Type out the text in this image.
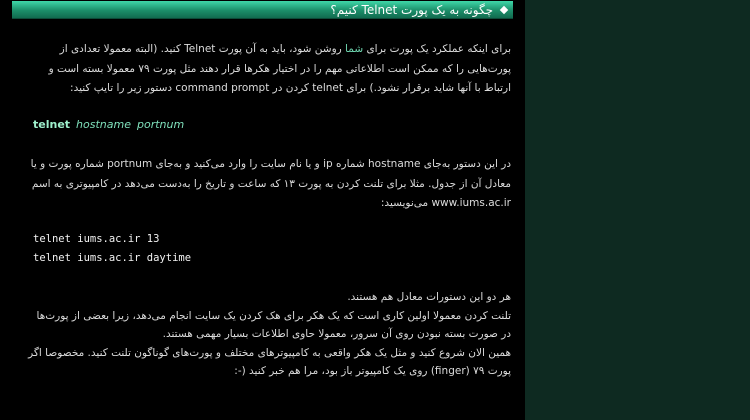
چگونه به یک پورت Telnet کنیم؟

برای اینکه عملکرد یک پورت برای شما روشن شود، باید به آن پورت Telnet کنید. (البته معمولا تعدادی از پورت‌هایی را که ممکن است اطلاعاتی مهم را در اختیار هکرها قرار دهند مثل پورت ۷۹ معمولا بسته است و ارتباط با آنها شاید برقرار نشود.) برای telnet کردن در command prompt دستور زیر را تایپ کنید:

telnet hostname portnum

در این دستور به‌جای hostname شماره ip و یا نام سایت را وارد می‌کنید و به‌جای portnum شماره پورت و یا معادل آن از جدول. مثلا برای تلنت کردن به پورت ۱۳ که ساعت و تاریخ را به‌دست می‌دهد در کامپیوتری به اسم www.iums.ac.ir می‌نویسید:

telnet iums.ac.ir 13
telnet iums.ac.ir daytime
هر دو این دستورات معادل هم هستند.
تلنت کردن معمولا اولین کاری است که یک هکر برای هک کردن یک سایت انجام می‌دهد، زیرا بعضی از پورت‌ها در صورت بسته نبودن روی آن سرور، معمولا حاوی اطلاعات بسیار مهمی هستند.
همین الان شروع کنید و مثل یک هکر واقعی به کامپیوترهای مختلف و پورت‌های گوناگون تلنت کنید. مخصوصا اگر پورت ۷۹ (finger) روی یک کامپیوتر باز بود، مرا هم خبر کنید (-:
